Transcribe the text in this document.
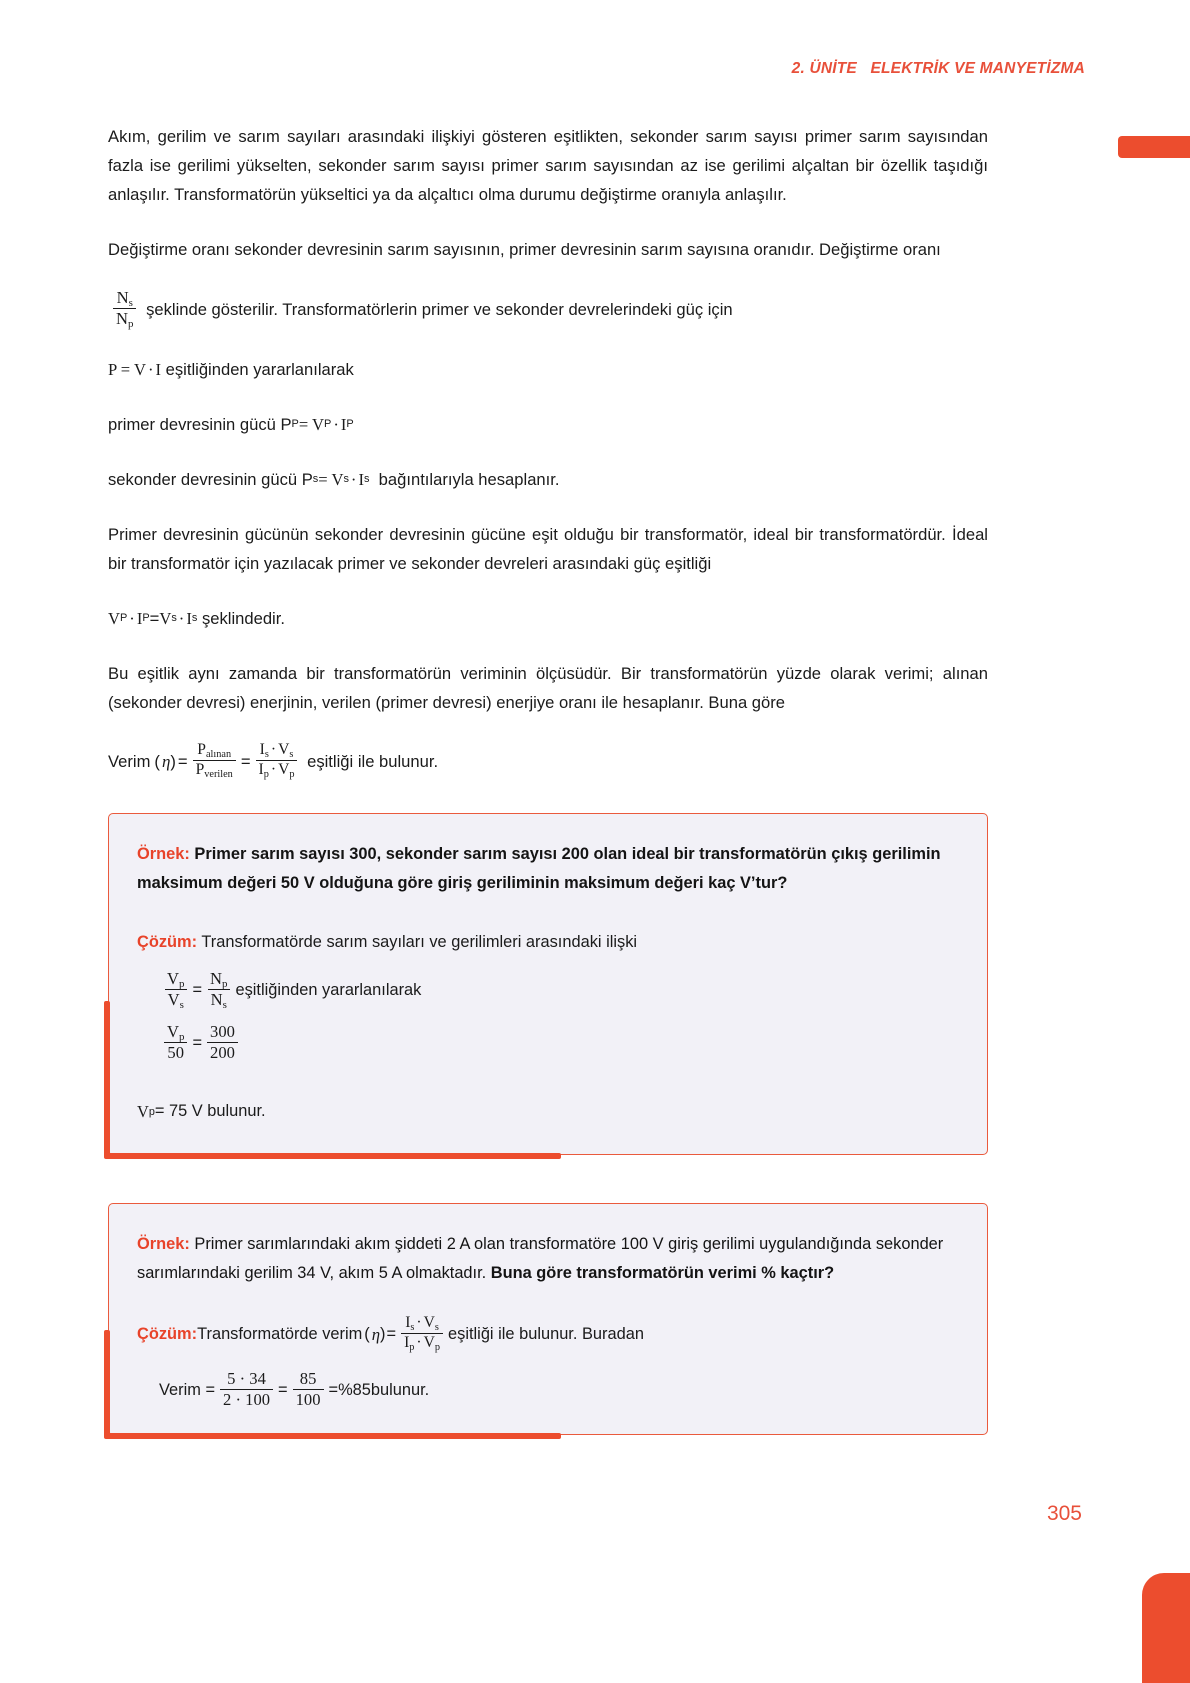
2. ÜNİTE   ELEKTRİK VE MANYETİZMA

Akım, gerilim ve sarım sayıları arasındaki ilişkiyi gösteren eşitlikten, sekonder sarım sayısı primer sarım sayısından fazla ise gerilimi yükselten, sekonder sarım sayısı primer sarım sayısından az ise gerilimi alçaltan bir özellik taşıdığı anlaşılır. Transformatörün yükseltici ya da alçaltıcı olma durumu değiştirme oranıyla anlaşılır.

Değiştirme oranı sekonder devresinin sarım sayısının, primer devresinin sarım sayısına oranıdır. Değiştirme oranı

$\frac{N_s}{N_p}$ şeklinde gösterilir. Transformatörlerin primer ve sekonder devrelerindeki güç için
P = V · I eşitliğinden yararlanılarak
primer devresinin gücü P P = V P · I P
sekonder devresinin gücü P s = V s · I s bağıntılarıyla hesaplanır.

Primer devresinin gücünün sekonder devresinin gücüne eşit olduğu bir transformatör, ideal bir transformatördür. İdeal bir transformatör için yazılacak primer ve sekonder devreleri arasındaki güç eşitliği

V P · I P = V s · I s şeklindedir.

Bu eşitlik aynı zamanda bir transformatörün veriminin ölçüsüdür. Bir transformatörün yüzde olarak verimi; alınan (sekonder devresi) enerjinin, verilen (primer devresi) enerjiye oranı ile hesaplanır. Buna göre

Verim ( η ) = $\frac{P_{alınan}}{P_{verilen}} = \frac{I_s \cdot V_s}{I_p \cdot V_p}$ eşitliği ile bulunur.

Örnek: Primer sarım sayısı 300, sekonder sarım sayısı 200 olan ideal bir transformatörün çıkış gerilimin maksimum değeri 50 V olduğuna göre giriş geriliminin maksimum değeri kaç V’tur?

Çözüm: Transformatörde sarım sayıları ve gerilimleri arasındaki ilişki

$\frac{V_p}{V_s} = \frac{N_p}{N_s}$ eşitliğinden yararlanılarak
$\frac{V_p}{50} = \frac{300}{200}$
V p = 75 V bulunur.

Örnek: Primer sarımlarındaki akım şiddeti 2 A olan transformatöre 100 V giriş gerilimi uygulandığında sekonder sarımlarındaki gerilim 34 V, akım 5 A olmaktadır. Buna göre transformatörün verimi % kaçtır?

Çözüm: Transformatörde verim ( η ) = $\frac{I_s \cdot V_s}{I_p \cdot V_p}$ eşitliği ile bulunur. Buradan
Verim = $\frac{5 \cdot 34}{2 \cdot 100} = \frac{85}{100} = \%85$ bulunur.
305
